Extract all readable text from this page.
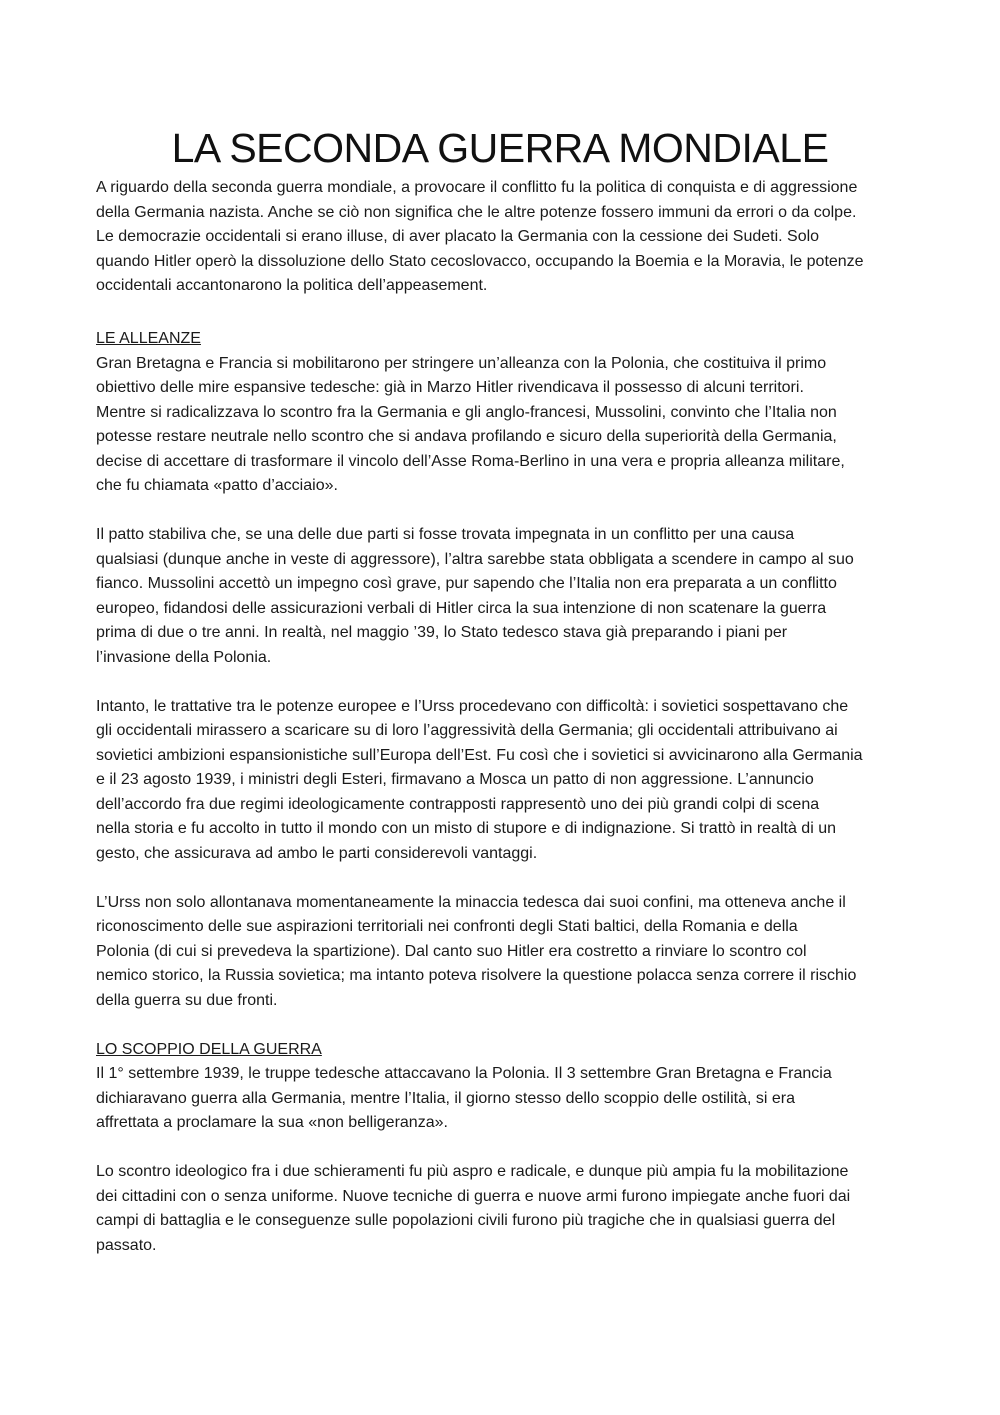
LA SECONDA GUERRA MONDIALE

A riguardo della seconda guerra mondiale, a provocare il conflitto fu la politica di conquista e di aggressione
della Germania nazista. Anche se ciò non significa che le altre potenze fossero immuni da errori o da colpe.
Le democrazie occidentali si erano illuse, di aver placato la Germania con la cessione dei Sudeti. Solo
quando Hitler operò la dissoluzione dello Stato cecoslovacco, occupando la Boemia e la Moravia, le potenze
occidentali accantonarono la politica dell’appeasement.

LE ALLEANZE

Gran Bretagna e Francia si mobilitarono per stringere un’alleanza con la Polonia, che costituiva il primo
obiettivo delle mire espansive tedesche: già in Marzo Hitler rivendicava il possesso di alcuni territori.
Mentre si radicalizzava lo scontro fra la Germania e gli anglo-francesi, Mussolini, convinto che l’Italia non
potesse restare neutrale nello scontro che si andava profilando e sicuro della superiorità della Germania,
decise di accettare di trasformare il vincolo dell’Asse Roma-Berlino in una vera e propria alleanza militare,
che fu chiamata «patto d’acciaio».

Il patto stabiliva che, se una delle due parti si fosse trovata impegnata in un conflitto per una causa
qualsiasi (dunque anche in veste di aggressore), l’altra sarebbe stata obbligata a scendere in campo al suo
fianco. Mussolini accettò un impegno così grave, pur sapendo che l’Italia non era preparata a un conflitto
europeo, fidandosi delle assicurazioni verbali di Hitler circa la sua intenzione di non scatenare la guerra
prima di due o tre anni. In realtà, nel maggio ’39, lo Stato tedesco stava già preparando i piani per
l’invasione della Polonia.

Intanto, le trattative tra le potenze europee e l’Urss procedevano con difficoltà: i sovietici sospettavano che
gli occidentali mirassero a scaricare su di loro l’aggressività della Germania; gli occidentali attribuivano ai
sovietici ambizioni espansionistiche sull’Europa dell’Est. Fu così che i sovietici si avvicinarono alla Germania
e il 23 agosto 1939, i ministri degli Esteri, firmavano a Mosca un patto di non aggressione. L’annuncio
dell’accordo fra due regimi ideologicamente contrapposti rappresentò uno dei più grandi colpi di scena
nella storia e fu accolto in tutto il mondo con un misto di stupore e di indignazione. Si trattò in realtà di un
gesto, che assicurava ad ambo le parti considerevoli vantaggi.

L’Urss non solo allontanava momentaneamente la minaccia tedesca dai suoi confini, ma otteneva anche il
riconoscimento delle sue aspirazioni territoriali nei confronti degli Stati baltici, della Romania e della
Polonia (di cui si prevedeva la spartizione). Dal canto suo Hitler era costretto a rinviare lo scontro col
nemico storico, la Russia sovietica; ma intanto poteva risolvere la questione polacca senza correre il rischio
della guerra su due fronti.

LO SCOPPIO DELLA GUERRA

Il 1° settembre 1939, le truppe tedesche attaccavano la Polonia. Il 3 settembre Gran Bretagna e Francia
dichiaravano guerra alla Germania, mentre l’Italia, il giorno stesso dello scoppio delle ostilità, si era
affrettata a proclamare la sua «non belligeranza».

Lo scontro ideologico fra i due schieramenti fu più aspro e radicale, e dunque più ampia fu la mobilitazione
dei cittadini con o senza uniforme. Nuove tecniche di guerra e nuove armi furono impiegate anche fuori dai
campi di battaglia e le conseguenze sulle popolazioni civili furono più tragiche che in qualsiasi guerra del
passato.
